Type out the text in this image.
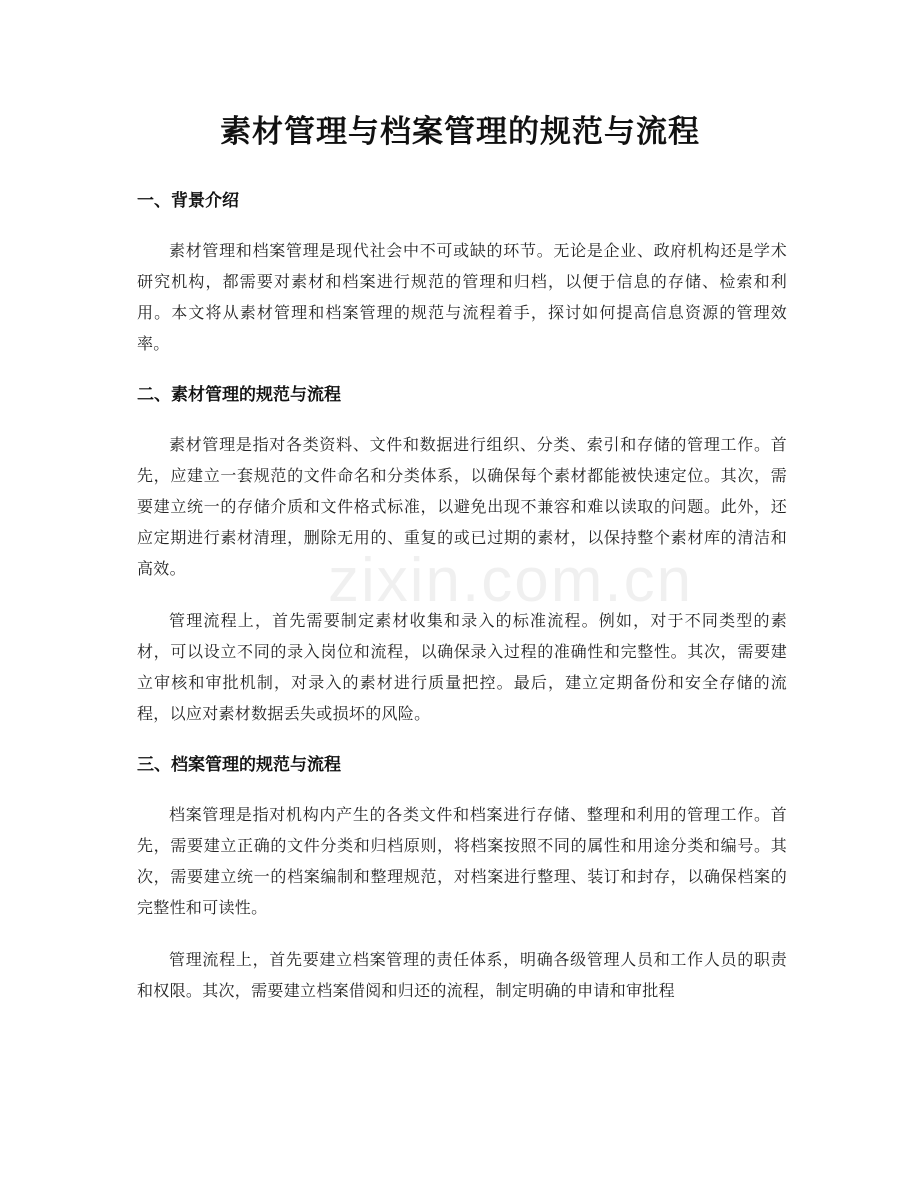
素材管理与档案管理的规范与流程
zixin.com.cn
一、背景介绍

素材管理和档案管理是现代社会中不可或缺的环节。无论是企业、政府机构还是学术研究机构，都需要对素材和档案进行规范的管理和归档，以便于信息的存储、检索和利用。本文将从素材管理和档案管理的规范与流程着手，探讨如何提高信息资源的管理效率。

二、素材管理的规范与流程

素材管理是指对各类资料、文件和数据进行组织、分类、索引和存储的管理工作。首先，应建立一套规范的文件命名和分类体系，以确保每个素材都能被快速定位。其次，需要建立统一的存储介质和文件格式标准，以避免出现不兼容和难以读取的问题。此外，还应定期进行素材清理，删除无用的、重复的或已过期的素材，以保持整个素材库的清洁和高效。

管理流程上，首先需要制定素材收集和录入的标准流程。例如，对于不同类型的素材，可以设立不同的录入岗位和流程，以确保录入过程的准确性和完整性。其次，需要建立审核和审批机制，对录入的素材进行质量把控。最后，建立定期备份和安全存储的流程，以应对素材数据丢失或损坏的风险。

三、档案管理的规范与流程

档案管理是指对机构内产生的各类文件和档案进行存储、整理和利用的管理工作。首先，需要建立正确的文件分类和归档原则，将档案按照不同的属性和用途分类和编号。其次，需要建立统一的档案编制和整理规范，对档案进行整理、装订和封存，以确保档案的完整性和可读性。

管理流程上，首先要建立档案管理的责任体系，明确各级管理人员和工作人员的职责和权限。其次，需要建立档案借阅和归还的流程，制定明确的申请和审批程
